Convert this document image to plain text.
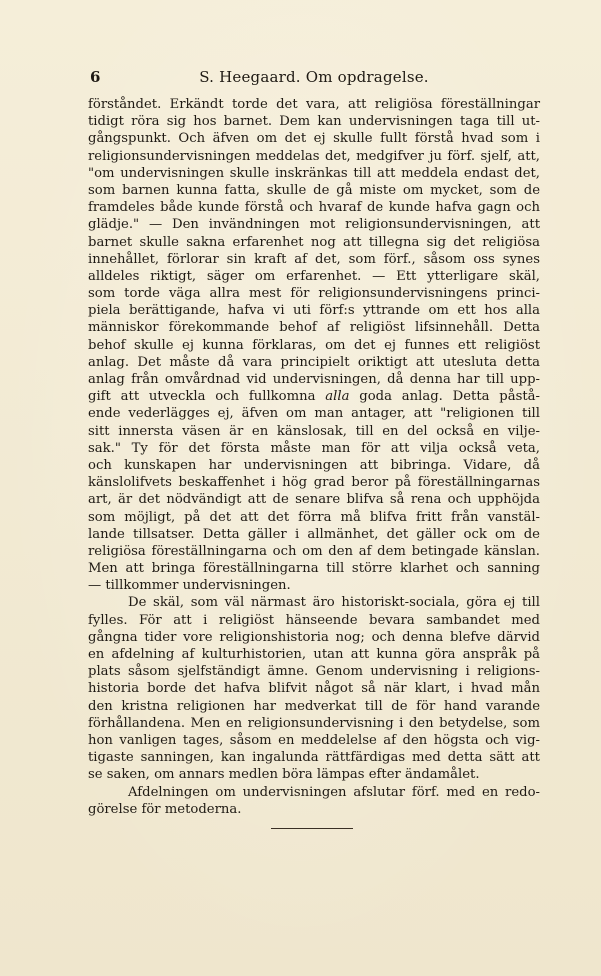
6	S. Heegaard. Om opdragelse.
förståndet. Erkändt torde det vara, att religiösa föreställningar
tidigt röra sig hos barnet. Dem kan undervisningen taga till ut-
gångspunkt. Och äfven om det ej skulle fullt förstå hvad som i
religionsundervisningen meddelas det, medgifver ju förf. sjelf, att,
"om undervisningen skulle inskränkas till att meddela endast det,
som barnen kunna fatta, skulle de gå miste om mycket, som de
framdeles både kunde förstå och hvaraf de kunde hafva gagn och
glädje." — Den invändningen mot religionsundervisningen, att
barnet skulle sakna erfarenhet nog att tillegna sig det religiösa
innehållet, förlorar sin kraft af det, som förf., såsom oss synes
alldeles riktigt, säger om erfarenhet. — Ett ytterligare skäl,
som torde väga allra mest för religionsundervisningens princi-
piela berättigande, hafva vi uti förf:s yttrande om ett hos alla
människor förekommande behof af religiöst lifsinnehåll. Detta
behof skulle ej kunna förklaras, om det ej funnes ett religiöst
anlag. Det måste då vara principielt oriktigt att utesluta detta
anlag från omvårdnad vid undervisningen, då denna har till upp-
gift att utveckla och fullkomna alla goda anlag. Detta påstå-
ende vederlägges ej, äfven om man antager, att "religionen till
sitt innersta väsen är en känslosak, till en del också en vilje-
sak." Ty för det första måste man för att vilja också veta,
och kunskapen har undervisningen att bibringa. Vidare, då
känslolifvets beskaffenhet i hög grad beror på föreställningarnas
art, är det nödvändigt att de senare blifva så rena och upphöjda
som möjligt, på det att det förra må blifva fritt från vanstäl-
lande tillsatser. Detta gäller i allmänhet, det gäller ock om de
religiösa föreställningarna och om den af dem betingade känslan.
Men att bringa föreställningarna till större klarhet och sanning
— tillkommer undervisningen.
De skäl, som väl närmast äro historiskt-sociala, göra ej till
fylles. För att i religiöst hänseende bevara sambandet med
gångna tider vore religionshistoria nog; och denna blefve därvid
en afdelning af kulturhistorien, utan att kunna göra anspråk på
plats såsom sjelfständigt ämne. Genom undervisning i religions-
historia borde det hafva blifvit något så när klart, i hvad mån
den kristna religionen har medverkat till de för hand varande
förhållandena. Men en religionsundervisning i den betydelse, som
hon vanligen tages, såsom en meddelelse af den högsta och vig-
tigaste sanningen, kan ingalunda rättfärdigas med detta sätt att
se saken, om annars medlen böra lämpas efter ändamålet.
Afdelningen om undervisningen afslutar förf. med en redo-
görelse för metoderna.
